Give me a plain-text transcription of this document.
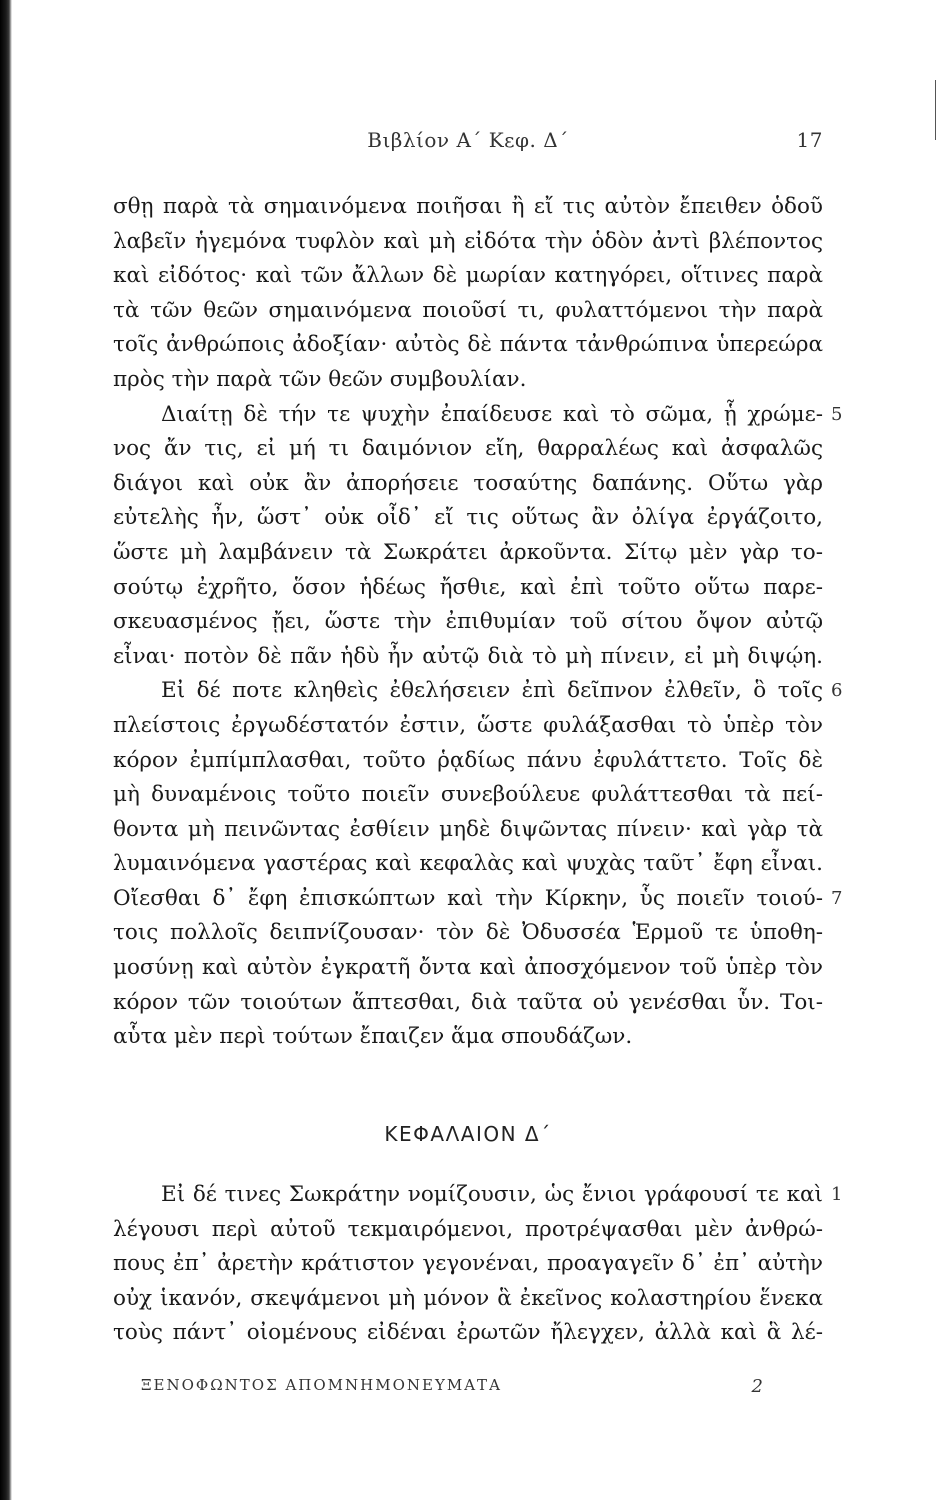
Βιβλίον Α΄ Κεφ. Δ΄	17
σθῃ παρὰ τὰ σημαινόμενα ποιῆσαι ἢ εἴ τις αὐτὸν ἔπειθεν ὁδοῦ
λαβεῖν ἡγεμόνα τυφλὸν καὶ μὴ εἰδότα τὴν ὁδὸν ἀντὶ βλέποντος
καὶ εἰδότος· καὶ τῶν ἄλλων δὲ μωρίαν κατηγόρει, οἵτινες παρὰ
τὰ τῶν θεῶν σημαινόμενα ποιοῦσί τι, φυλαττόμενοι τὴν παρὰ
τοῖς ἀνθρώποις ἀδοξίαν· αὐτὸς δὲ πάντα τἀνθρώπινα ὑπερεώρα
πρὸς τὴν παρὰ τῶν θεῶν συμβουλίαν.
Διαίτῃ δὲ τήν τε ψυχὴν ἐπαίδευσε καὶ τὸ σῶμα, ᾗ χρώμε- 5
νος ἄν τις, εἰ μή τι δαιμόνιον εἴη, θαρραλέως καὶ ἀσφαλῶς
διάγοι καὶ οὐκ ἂν ἀπορήσειε τοσαύτης δαπάνης. Οὕτω γὰρ
εὐτελὴς ἦν, ὥστ᾽ οὐκ οἶδ᾽ εἴ τις οὕτως ἂν ὀλίγα ἐργάζοιτο,
ὥστε μὴ λαμβάνειν τὰ Σωκράτει ἀρκοῦντα. Σίτῳ μὲν γὰρ το-
σούτῳ ἐχρῆτο, ὅσον ἡδέως ἤσθιε, καὶ ἐπὶ τοῦτο οὕτω παρε-
σκευασμένος ᾔει, ὥστε τὴν ἐπιθυμίαν τοῦ σίτου ὄψον αὐτῷ
εἶναι· ποτὸν δὲ πᾶν ἡδὺ ἦν αὐτῷ διὰ τὸ μὴ πίνειν, εἰ μὴ διψῴη.
Εἰ δέ ποτε κληθεὶς ἐθελήσειεν ἐπὶ δεῖπνον ἐλθεῖν, ὃ τοῖς 6
πλείστοις ἐργωδέστατόν ἐστιν, ὥστε φυλάξασθαι τὸ ὑπὲρ τὸν
κόρον ἐμπίμπλασθαι, τοῦτο ῥᾳδίως πάνυ ἐφυλάττετο. Τοῖς δὲ
μὴ δυναμένοις τοῦτο ποιεῖν συνεβούλευε φυλάττεσθαι τὰ πεί-
θοντα μὴ πεινῶντας ἐσθίειν μηδὲ διψῶντας πίνειν· καὶ γὰρ τὰ
λυμαινόμενα γαστέρας καὶ κεφαλὰς καὶ ψυχὰς ταῦτ᾽ ἔφη εἶναι.
Οἴεσθαι δ᾽ ἔφη ἐπισκώπτων καὶ τὴν Κίρκην, ὗς ποιεῖν τοιού- 7
τοις πολλοῖς δειπνίζουσαν· τὸν δὲ Ὀδυσσέα Ἑρμοῦ τε ὑποθη-
μοσύνῃ καὶ αὐτὸν ἐγκρατῆ ὄντα καὶ ἀποσχόμενον τοῦ ὑπὲρ τὸν
κόρον τῶν τοιούτων ἅπτεσθαι, διὰ ταῦτα οὐ γενέσθαι ὗν. Τοι-
αὗτα μὲν περὶ τούτων ἔπαιζεν ἅμα σπουδάζων.
ΚΕΦΑΛΑΙΟΝ Δ΄
Εἰ δέ τινες Σωκράτην νομίζουσιν, ὡς ἔνιοι γράφουσί τε καὶ 1
λέγουσι περὶ αὐτοῦ τεκμαιρόμενοι, προτρέψασθαι μὲν ἀνθρώ-
πους ἐπ᾽ ἀρετὴν κράτιστον γεγονέναι, προαγαγεῖν δ᾽ ἐπ᾽ αὐτὴν
οὐχ ἱκανόν, σκεψάμενοι μὴ μόνον ἃ ἐκεῖνος κολαστηρίου ἕνεκα
τοὺς πάντ᾽ οἰομένους εἰδέναι ἐρωτῶν ἤλεγχεν, ἀλλὰ καὶ ἃ λέ-
ΞΕΝΟΦΩΝΤΟΣ ΑΠΟΜΝΗΜΟΝΕΥΜΑΤΑ	2
